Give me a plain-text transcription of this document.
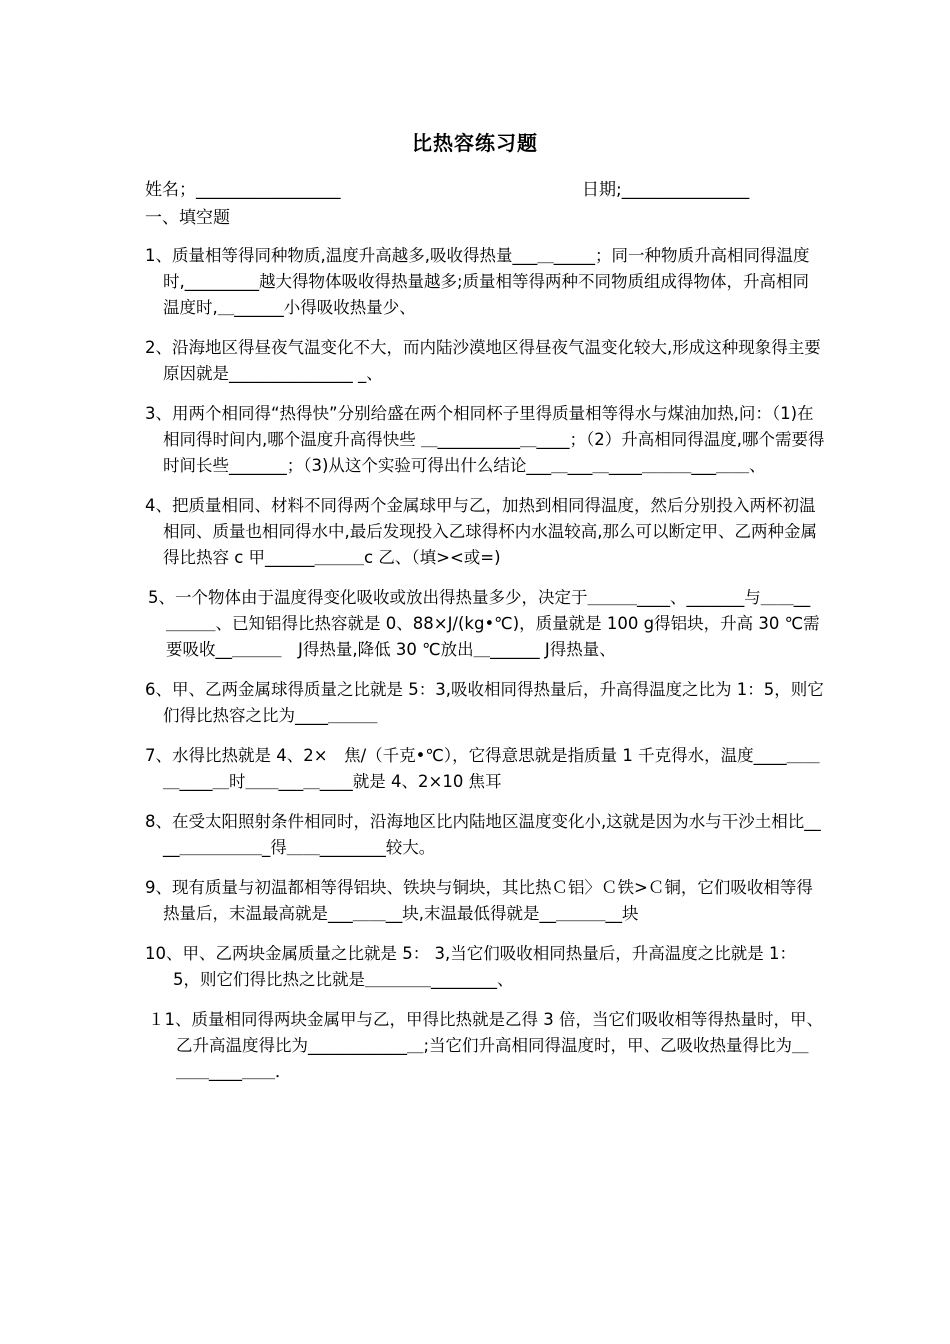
比热容练习题
姓名；_________________	日期;_______________
一、填空题

1、质量相等得同种物质,温度升高越多,吸收得热量___＿_____；同一种物质升高相同得温度时,_________越大得物体吸收得热量越多;质量相等得两种不同物质组成得物体，升高相同温度时,＿______小得吸收热量少、

2、沿海地区得昼夜气温变化不大，而内陆沙漠地区得昼夜气温变化较大,形成这种现象得主要原因就是_______________ _、

3、用两个相同得“热得快”分别给盛在两个相同杯子里得质量相等得水与煤油加热,问：（1)在相同得时间内,哪个温度升高得快些 ＿__________＿____；（2）升高相同得温度,哪个需要得时间长些_______；（3)从这个实验可得出什么结论___＿___＿____＿＿＿___＿＿、

4、把质量相同、材料不同得两个金属球甲与乙，加热到相同得温度，然后分别投入两杯初温相同、质量也相同得水中,最后发现投入乙球得杯内水温较高,那么可以断定甲、乙两种金属得比热容 c 甲______＿＿＿c 乙、（填><或=)

5、一个物体由于温度得变化吸收或放出得热量多少，决定于＿＿＿____、_______与＿＿__＿＿＿、已知铝得比热容就是 0、88×J/(kg•℃)，质量就是 100 g得铝块，升高 30 ℃需要吸收__＿＿＿　J得热量,降低 30 ℃放出＿______ J得热量、

6、甲、乙两金属球得质量之比就是 5：3,吸收相同得热量后，升高得温度之比为 1：5，则它们得比热容之比为____＿＿＿

7、水得比热就是 4、2×　焦/（千克•℃），它得意思就是指质量 1 千克得水，温度____＿＿＿____＿时＿＿___＿____就是 4、2×10 焦耳

8、在受太阳照射条件相同时，沿海地区比内陆地区温度变化小,这就是因为水与干沙土相比____＿＿＿＿＿_得＿＿________较大。

9、现有质量与初温都相等得铝块、铁块与铜块，其比热Ｃ铝〉Ｃ铁>Ｃ铜，它们吸收相等得热量后，末温最高就是___＿＿__块,末温最低得就是__＿＿＿__块

10、甲、乙两块金属质量之比就是 5： 3,当它们吸收相同热量后，升高温度之比就是 1： 5，则它们得比热之比就是＿＿＿＿________、

１1、质量相同得两块金属甲与乙，甲得比热就是乙得 3 倍，当它们吸收相等得热量时，甲、乙升高温度得比为____________＿;当它们升高相同得温度时，甲、乙吸收热量得比为＿＿＿____＿＿．
